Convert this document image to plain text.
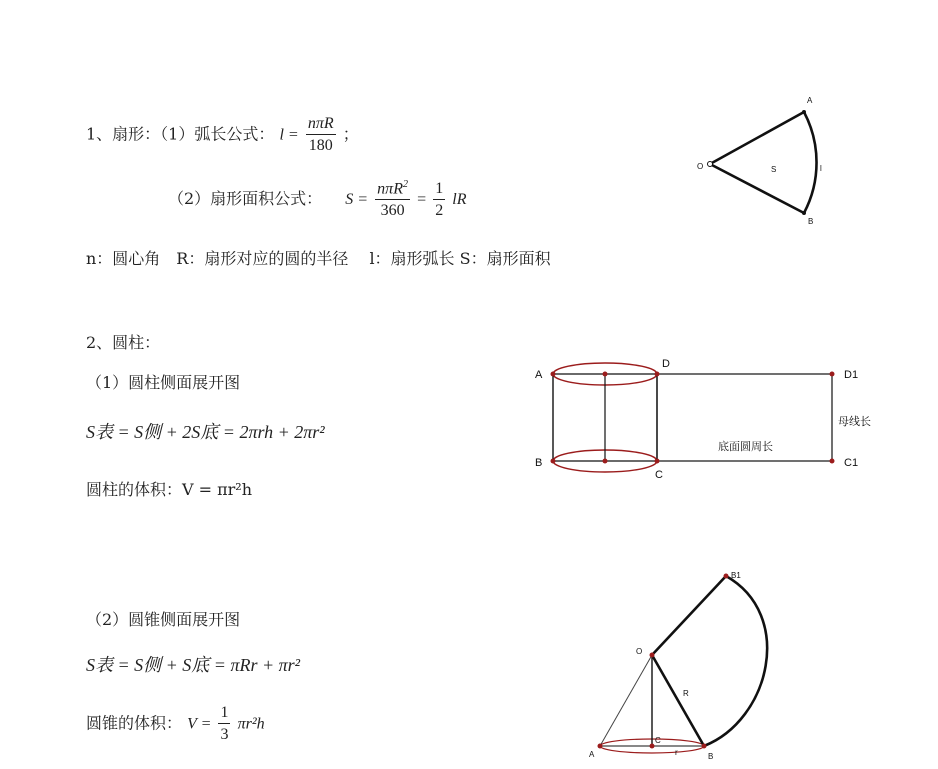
1、扇形：（1）弧长公式： $l = \frac{\text{nπR}}{180}$ ；
（2）扇形面积公式： $S = \frac{n\pi R^2}{360} = \frac{1}{2}$ lR
n：圆心角　R：扇形对应的圆的半径　 l：扇形弧长 S：扇形面积
2、圆柱：
（1）圆柱侧面展开图
S表 = S侧 + 2S底 = 2πrh + 2πr²
圆柱的体积：V = πr²h
（2）圆锥侧面展开图
S表 = S侧 + S底 = πRr + πr²
圆锥的体积： $V = \frac{1}{3} \pi r^2h$
O
A
B
S	l
A
B
D
C
D1
C1
母线长
底面圆周长
O
B1
R
A
C
r	B
